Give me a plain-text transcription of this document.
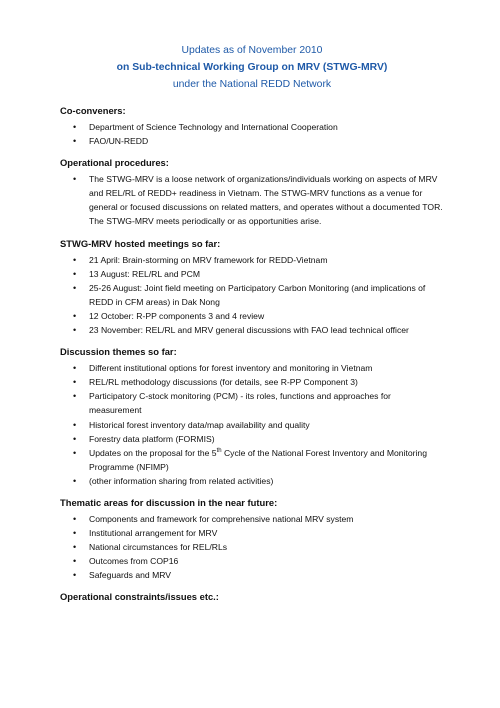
Updates as of November 2010
on Sub-technical Working Group on MRV (STWG-MRV)
under the National REDD Network
Co-conveners:
• Department of Science Technology and International Cooperation
• FAO/UN-REDD
Operational procedures:
• The STWG-MRV is a loose network of organizations/individuals working on aspects of MRV and REL/RL of REDD+ readiness in Vietnam. The STWG-MRV functions as a venue for general or focused discussions on related matters, and operates without a documented TOR. The STWG-MRV meets periodically or as opportunities arise.
STWG-MRV hosted meetings so far:
• 21 April: Brain-storming on MRV framework for REDD-Vietnam
• 13 August: REL/RL and PCM
• 25-26 August: Joint field meeting on Participatory Carbon Monitoring (and implications of REDD in CFM areas) in Dak Nong
• 12 October: R-PP components 3 and 4 review
• 23 November: REL/RL and MRV general discussions with FAO lead technical officer
Discussion themes so far:
• Different institutional options for forest inventory and monitoring in Vietnam
• REL/RL methodology discussions (for details, see R-PP Component 3)
• Participatory C-stock monitoring (PCM) - its roles, functions and approaches for measurement
• Historical forest inventory data/map availability and quality
• Forestry data platform (FORMIS)
• Updates on the proposal for the 5th Cycle of the National Forest Inventory and Monitoring Programme (NFIMP)
• (other information sharing from related activities)
Thematic areas for discussion in the near future:
• Components and framework for comprehensive national MRV system
• Institutional arrangement for MRV
• National circumstances for REL/RLs
• Outcomes from COP16
• Safeguards and MRV
Operational constraints/issues etc.:
